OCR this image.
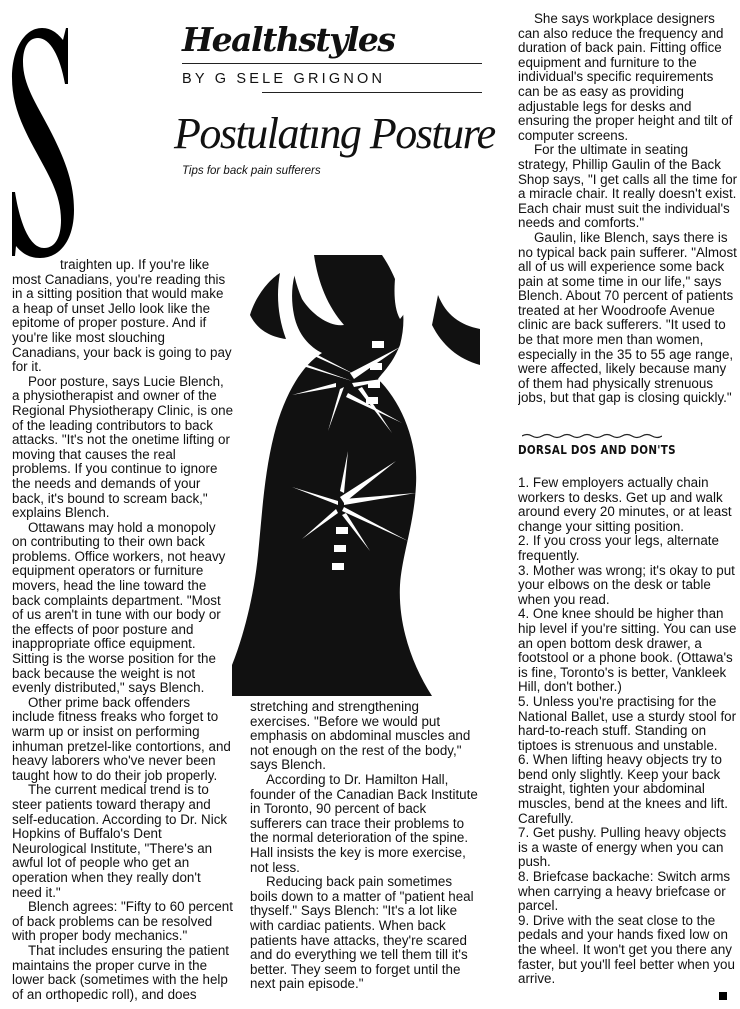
Healthstyles
BY G SELE GRIGNON
Postulatıng Posture
Tips for back pain sufferers

traighten up. If you're like most Canadians, you're reading this in a sitting position that would make a heap of unset Jello look like the epitome of proper posture. And if you're like most slouching Canadians, your back is going to pay for it.

Poor posture, says Lucie Blench, a physiotherapist and owner of the Regional Physiotherapy Clinic, is one of the leading contributors to back attacks. "It's not the onetime lifting or moving that causes the real problems. If you continue to ignore the needs and demands of your back, it's bound to scream back," explains Blench.

Ottawans may hold a monopoly on contributing to their own back problems. Office workers, not heavy equipment operators or furniture movers, head the line toward the back complaints department. "Most of us aren't in tune with our body or the effects of poor posture and inappropriate office equipment. Sitting is the worse position for the back because the weight is not evenly distributed," says Blench.

Other prime back offenders include fitness freaks who forget to warm up or insist on performing inhuman pretzel-like contortions, and heavy laborers who've never been taught how to do their job properly.

The current medical trend is to steer patients toward therapy and self-education. According to Dr. Nick Hopkins of Buffalo's Dent Neurological Institute, "There's an awful lot of people who get an operation when they really don't need it."

Blench agrees: "Fifty to 60 percent of back problems can be resolved with proper body mechanics."

That includes ensuring the patient maintains the proper curve in the lower back (sometimes with the help of an orthopedic roll), and does

stretching and strengthening exercises. "Before we would put emphasis on abdominal muscles and not enough on the rest of the body," says Blench.

According to Dr. Hamilton Hall, founder of the Canadian Back Institute in Toronto, 90 percent of back sufferers can trace their problems to the normal deterioration of the spine. Hall insists the key is more exercise, not less.

Reducing back pain sometimes boils down to a matter of "patient heal thyself." Says Blench: "It's a lot like with cardiac patients. When back patients have attacks, they're scared and do everything we tell them till it's better. They seem to forget until the next pain episode."

She says workplace designers can also reduce the frequency and duration of back pain. Fitting office equipment and furniture to the individual's specific requirements can be as easy as providing adjustable legs for desks and ensuring the proper height and tilt of computer screens.

For the ultimate in seating strategy, Phillip Gaulin of the Back Shop says, "I get calls all the time for a miracle chair. It really doesn't exist. Each chair must suit the individual's needs and comforts."

Gaulin, like Blench, says there is no typical back pain sufferer. "Almost all of us will experience some back pain at some time in our life," says Blench. About 70 percent of patients treated at her Woodroofe Avenue clinic are back sufferers. "It used to be that more men than women, especially in the 35 to 55 age range, were affected, likely because many of them had physically strenuous jobs, but that gap is closing quickly."

DORSAL DOS AND DON'TS

1. Few employers actually chain workers to desks. Get up and walk around every 20 minutes, or at least change your sitting position.

2. If you cross your legs, alternate frequently.

3. Mother was wrong; it's okay to put your elbows on the desk or table when you read.

4. One knee should be higher than hip level if you're sitting. You can use an open bottom desk drawer, a footstool or a phone book. (Ottawa's is fine, Toronto's is better, Vankleek Hill, don't bother.)

5. Unless you're practising for the National Ballet, use a sturdy stool for hard-to-reach stuff. Standing on tiptoes is strenuous and unstable.

6. When lifting heavy objects try to bend only slightly. Keep your back straight, tighten your abdominal muscles, bend at the knees and lift. Carefully.

7. Get pushy. Pulling heavy objects is a waste of energy when you can push.

8. Briefcase backache: Switch arms when carrying a heavy briefcase or parcel.

9. Drive with the seat close to the pedals and your hands fixed low on the wheel. It won't get you there any faster, but you'll feel better when you arrive.
